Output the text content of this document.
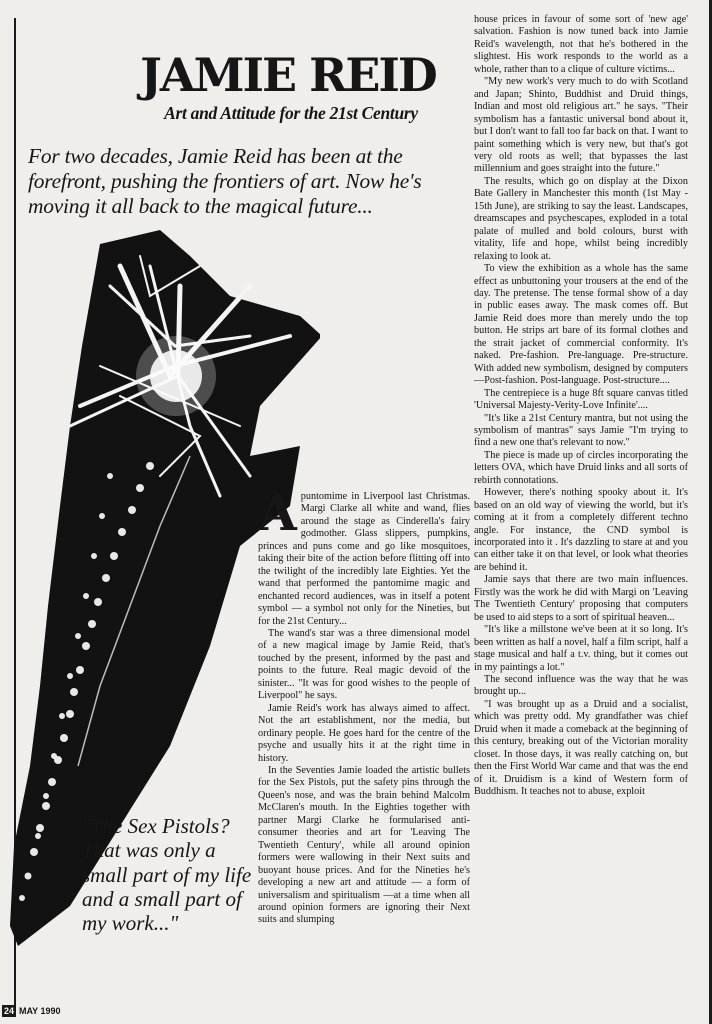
JAMIE REID
Art and Attitude for the 21st Century
For two decades, Jamie Reid has been at the forefront, pushing the frontiers of art. Now he's moving it all back to the magical future...

Apuntomime in Liverpool last Christmas. Margi Clarke all white and wand, flies around the stage as Cinderella's fairy godmother. Glass slippers, pumpkins, princes and puns come and go like mosquitoes, taking their bite of the action before flitting off into the twilight of the incredibly late Eighties. Yet the wand that performed the pantomime magic and enchanted record audiences, was in itself a potent symbol — a symbol not only for the Nineties, but for the 21st Century...

The wand's star was a three dimensional model of a new magical image by Jamie Reid, that's touched by the present, informed by the past and points to the future. Real magic devoid of the sinister... "It was for good wishes to the people of Liverpool" he says.

Jamie Reid's work has always aimed to affect. Not the art establishment, nor the media, but ordinary people. He goes hard for the centre of the psyche and usually hits it at the right time in history.

In the Seventies Jamie loaded the artistic bullets for the Sex Pistols, put the safety pins through the Queen's nose, and was the brain behind Malcolm McClaren's mouth. In the Eighties together with partner Margi Clarke he formularised anti-consumer theories and art for 'Leaving The Twentieth Century', while all around opinion formers were wallowing in their Next suits and buoyant house prices. And for the Nineties he's developing a new art and attitude — a form of universalism and spiritualism —at a time when all around opinion formers are ignoring their Next suits and slumping

house prices in favour of some sort of 'new age' salvation. Fashion is now tuned back into Jamie Reid's wavelength, not that he's bothered in the slightest. His work responds to the world as a whole, rather than to a clique of culture victims...

"My new work's very much to do with Scotland and Japan; Shinto, Buddhist and Druid things, Indian and most old religious art." he says. "Their symbolism has a fantastic universal bond about it, but I don't want to fall too far back on that. I want to paint something which is very new, but that's got very old roots as well; that bypasses the last millennium and goes straight into the future."

The results, which go on display at the Dixon Bate Gallery in Manchester this month (1st May - 15th June), are striking to say the least. Landscapes, dreamscapes and psychescapes, exploded in a total palate of mulled and bold colours, burst with vitality, life and hope, whilst being incredibly relaxing to look at.

To view the exhibition as a whole has the same effect as unbuttoning your trousers at the end of the day. The pretense. The tense formal show of a day in public eases away. The mask comes off. But Jamie Reid does more than merely undo the top button. He strips art bare of its formal clothes and the strait jacket of commercial conformity. It's naked. Pre-fashion. Pre-language. Pre-structure. With added new symbolism, designed by computers —Post-fashion. Post-language. Post-structure....

The centrepiece is a huge 8ft square canvas titled 'Universal Majesty-Verity-Love Infinite'....

"It's like a 21st Century mantra, but not using the symbolism of mantras" says Jamie "I'm trying to find a new one that's relevant to now."

The piece is made up of circles incorporating the letters OVA, which have Druid links and all sorts of rebirth connotations.

However, there's nothing spooky about it. It's based on an old way of viewing the world, but it's coming at it from a completely different techno angle. For instance, the CND symbol is incorporated into it . It's dazzling to stare at and you can either take it on that level, or look what theories are behind it.

Jamie says that there are two main influences. Firstly was the work he did with Margi on 'Leaving The Twentieth Century' proposing that computers be used to aid steps to a sort of spiritual heaven...

"It's like a millstone we've been at it so long. It's been written as half a novel, half a film script, half a stage musical and half a t.v. thing, but it comes out in my paintings a lot."

The second influence was the way that he was brought up...

"I was brought up as a Druid and a socialist, which was pretty odd. My grandfather was chief Druid when it made a comeback at the beginning of this century, breaking out of the Victorian morality closet. In those days, it was really catching on, but then the First World War came and that was the end of it. Druidism is a kind of Western form of Buddhism. It teaches not to abuse, exploit

"The Sex Pistols? That was only a small part of my life and a small part of my work..."
24 MAY 1990
